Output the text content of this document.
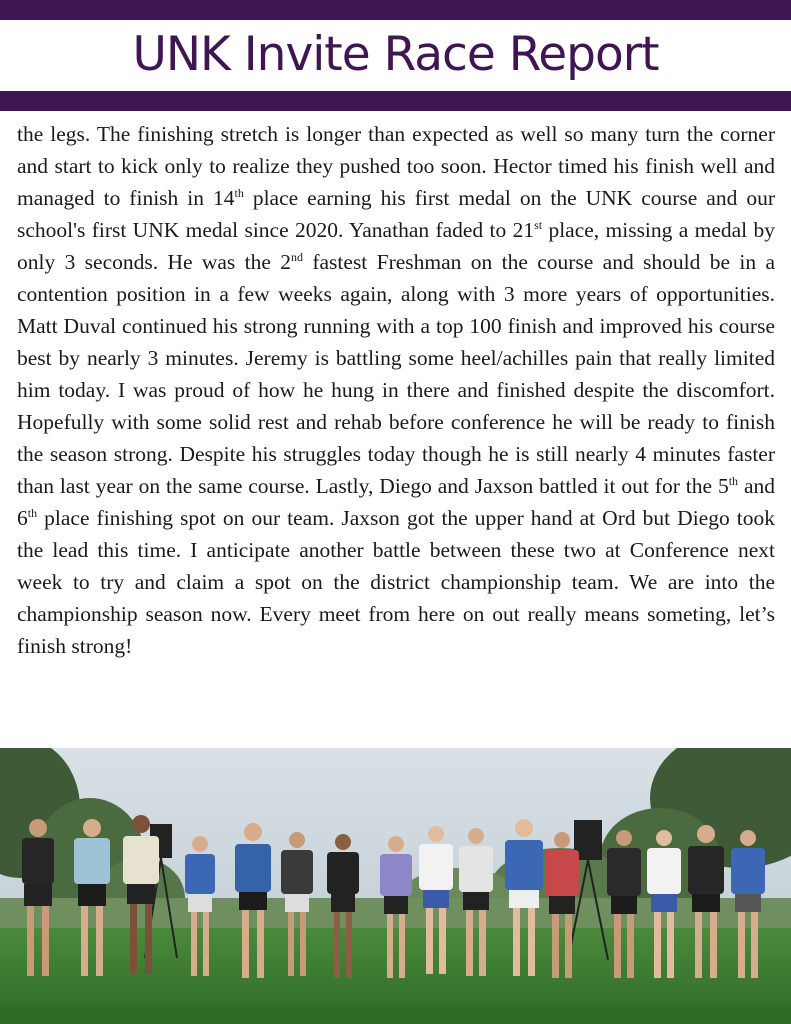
UNK Invite Race Report
the legs. The finishing stretch is longer than expected as well so many turn the corner and start to kick only to realize they pushed too soon. Hector timed his finish well and managed to finish in 14th place earning his first medal on the UNK course and our school's first UNK medal since 2020. Yanathan faded to 21st place, missing a medal by only 3 seconds. He was the 2nd fastest Freshman on the course and should be in a contention position in a few weeks again, along with 3 more years of opportunities. Matt Duval continued his strong running with a top 100 finish and improved his course best by nearly 3 minutes. Jeremy is battling some heel/achilles pain that really limited him today. I was proud of how he hung in there and finished despite the discomfort. Hopefully with some solid rest and rehab before conference he will be ready to finish the season strong. Despite his struggles today though he is still nearly 4 minutes faster than last year on the same course. Lastly, Diego and Jaxson battled it out for the 5th and 6th place finishing spot on our team. Jaxson got the upper hand at Ord but Diego took the lead this time. I anticipate another battle between these two at Conference next week to try and claim a spot on the district championship team. We are into the championship season now. Every meet from here on out really means someting, let’s finish strong!
